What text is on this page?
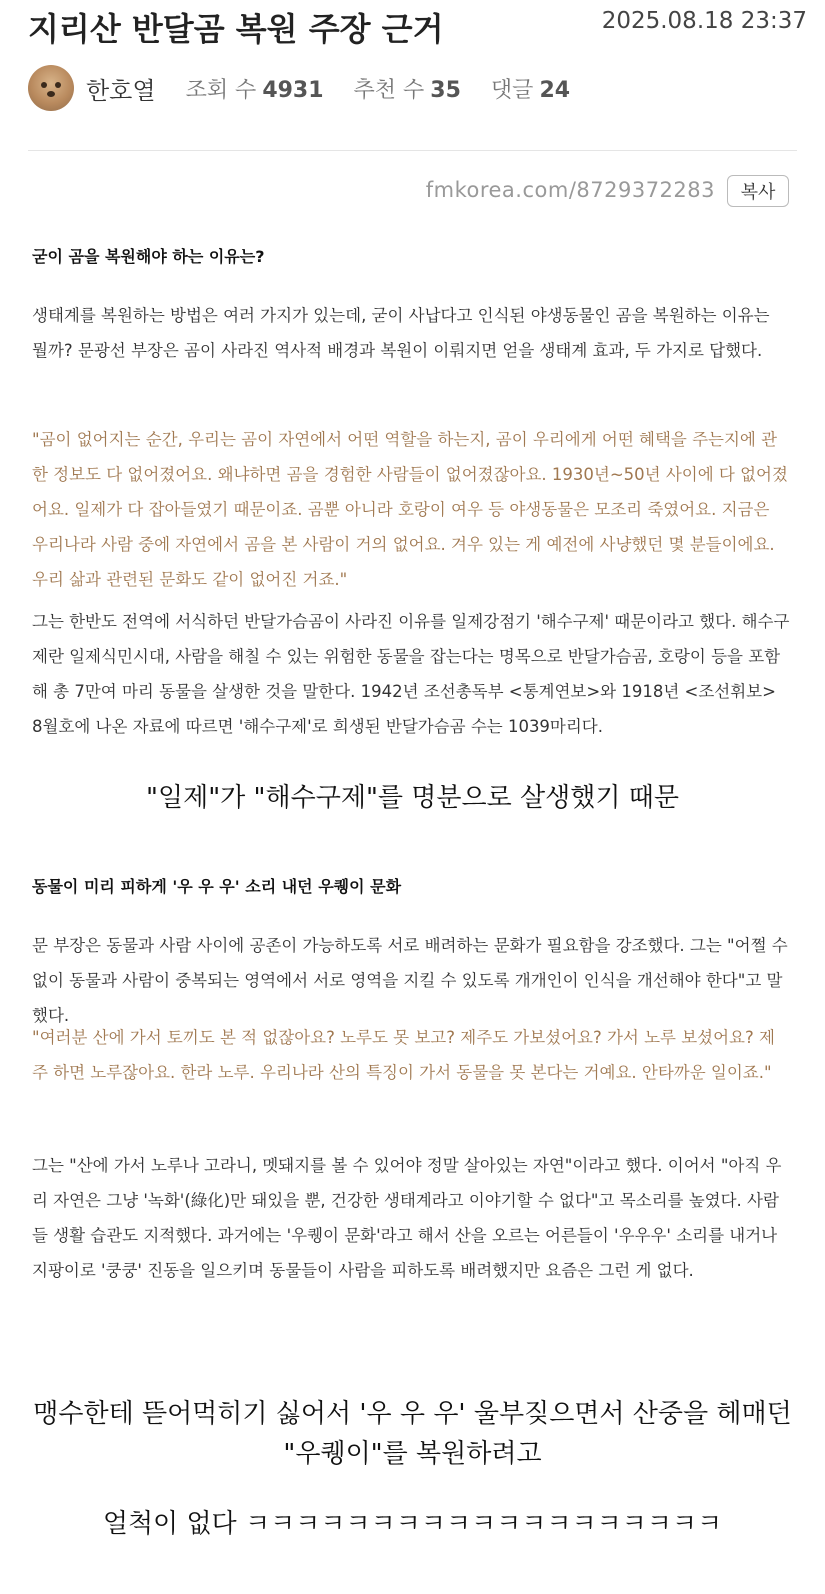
지리산 반달곰 복원 주장 근거	2025.08.18 23:37
한호열 조회 수 4931 추천 수 35 댓글 24
fmkorea.com/8729372283	복사
굳이 곰을 복원해야 하는 이유는?
생태계를 복원하는 방법은 여러 가지가 있는데, 굳이 사납다고 인식된 야생동물인 곰을 복원하는 이유는 뭘까? 문광선 부장은 곰이 사라진 역사적 배경과 복원이 이뤄지면 얻을 생태계 효과, 두 가지로 답했다.
"곰이 없어지는 순간, 우리는 곰이 자연에서 어떤 역할을 하는지, 곰이 우리에게 어떤 혜택을 주는지에 관한 정보도 다 없어졌어요. 왜냐하면 곰을 경험한 사람들이 없어졌잖아요. 1930년~50년 사이에 다 없어졌어요. 일제가 다 잡아들였기 때문이죠. 곰뿐 아니라 호랑이 여우 등 야생동물은 모조리 죽였어요. 지금은 우리나라 사람 중에 자연에서 곰을 본 사람이 거의 없어요. 겨우 있는 게 예전에 사냥했던 몇 분들이에요. 우리 삶과 관련된 문화도 같이 없어진 거죠."
그는 한반도 전역에 서식하던 반달가슴곰이 사라진 이유를 일제강점기 '해수구제' 때문이라고 했다. 해수구제란 일제식민시대, 사람을 해칠 수 있는 위험한 동물을 잡는다는 명목으로 반달가슴곰, 호랑이 등을 포함해 총 7만여 마리 동물을 살생한 것을 말한다. 1942년 조선총독부 <통계연보>와 1918년 <조선휘보> 8월호에 나온 자료에 따르면 '해수구제'로 희생된 반달가슴곰 수는 1039마리다.
"일제"가 "해수구제"를 명분으로 살생했기 때문
동물이 미리 피하게 '우 우 우' 소리 내던 우퀭이 문화
문 부장은 동물과 사람 사이에 공존이 가능하도록 서로 배려하는 문화가 필요함을 강조했다. 그는 "어쩔 수없이 동물과 사람이 중복되는 영역에서 서로 영역을 지킬 수 있도록 개개인이 인식을 개선해야 한다"고 말했다.
"여러분 산에 가서 토끼도 본 적 없잖아요? 노루도 못 보고? 제주도 가보셨어요? 가서 노루 보셨어요? 제주 하면 노루잖아요. 한라 노루. 우리나라 산의 특징이 가서 동물을 못 본다는 거예요. 안타까운 일이죠."
그는 "산에 가서 노루나 고라니, 멧돼지를 볼 수 있어야 정말 살아있는 자연"이라고 했다. 이어서 "아직 우리 자연은 그냥 '녹화'(綠化)만 돼있을 뿐, 건강한 생태계라고 이야기할 수 없다"고 목소리를 높였다. 사람들 생활 습관도 지적했다. 과거에는 '우퀭이 문화'라고 해서 산을 오르는 어른들이 '우우우' 소리를 내거나 지팡이로 '쿵쿵' 진동을 일으키며 동물들이 사람을 피하도록 배려했지만 요즘은 그런 게 없다.
맹수한테 뜯어먹히기 싫어서 '우 우 우' 울부짖으면서 산중을 헤매던
"우퀭이"를 복원하려고
얼척이 없다 ㅋㅋㅋㅋㅋㅋㅋㅋㅋㅋㅋㅋㅋㅋㅋㅋㅋㅋㅋ
